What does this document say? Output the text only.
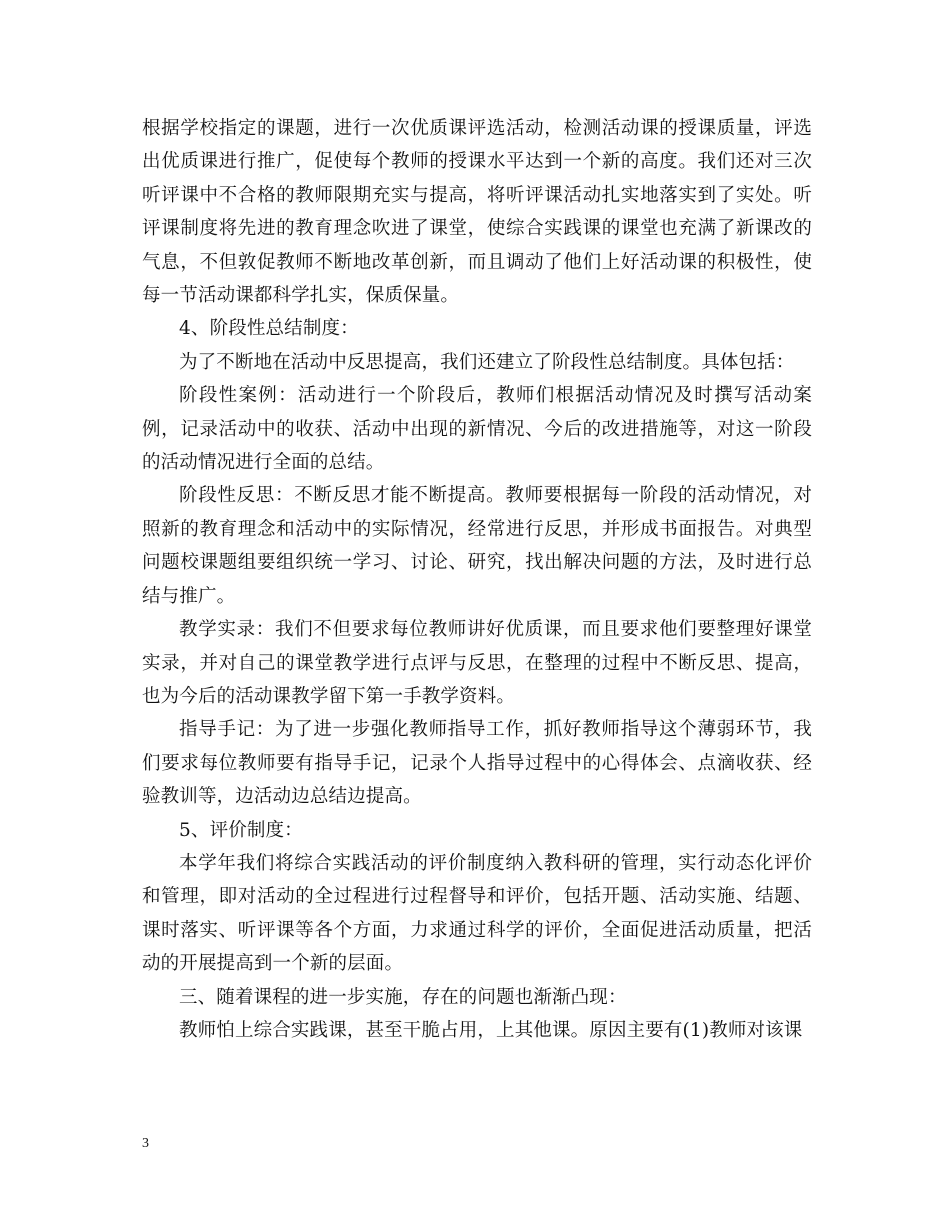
根据学校指定的课题，进行一次优质课评选活动，检测活动课的授课质量，评选出优质课进行推广，促使每个教师的授课水平达到一个新的高度。我们还对三次听评课中不合格的教师限期充实与提高，将听评课活动扎实地落实到了实处。听评课制度将先进的教育理念吹进了课堂，使综合实践课的课堂也充满了新课改的气息，不但敦促教师不断地改革创新，而且调动了他们上好活动课的积极性，使每一节活动课都科学扎实，保质保量。

4、阶段性总结制度：

为了不断地在活动中反思提高，我们还建立了阶段性总结制度。具体包括：

阶段性案例：活动进行一个阶段后，教师们根据活动情况及时撰写活动案例，记录活动中的收获、活动中出现的新情况、今后的改进措施等，对这一阶段的活动情况进行全面的总结。

阶段性反思：不断反思才能不断提高。教师要根据每一阶段的活动情况，对照新的教育理念和活动中的实际情况，经常进行反思，并形成书面报告。对典型问题校课题组要组织统一学习、讨论、研究，找出解决问题的方法，及时进行总结与推广。

教学实录：我们不但要求每位教师讲好优质课，而且要求他们要整理好课堂实录，并对自己的课堂教学进行点评与反思，在整理的过程中不断反思、提高，也为今后的活动课教学留下第一手教学资料。

指导手记：为了进一步强化教师指导工作，抓好教师指导这个薄弱环节，我们要求每位教师要有指导手记，记录个人指导过程中的心得体会、点滴收获、经验教训等，边活动边总结边提高。

5、评价制度：

本学年我们将综合实践活动的评价制度纳入教科研的管理，实行动态化评价和管理，即对活动的全过程进行过程督导和评价，包括开题、活动实施、结题、课时落实、听评课等各个方面，力求通过科学的评价，全面促进活动质量，把活动的开展提高到一个新的层面。

三、随着课程的进一步实施，存在的问题也渐渐凸现：

教师怕上综合实践课，甚至干脆占用，上其他课。原因主要有(1)教师对该课

3
